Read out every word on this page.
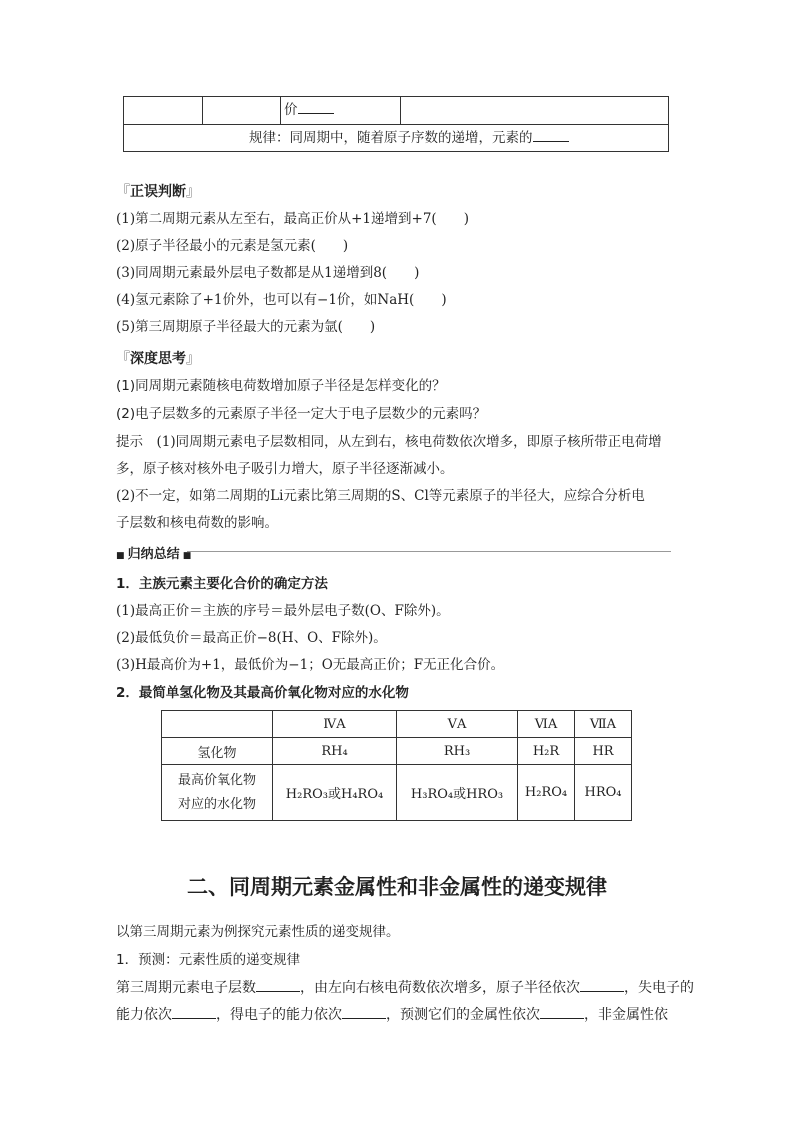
价
规律：同周期中，随着原子序数的递增，元素的
『正误判断』
(1)第二周期元素从左至右，最高正价从+1递增到+7(　　)
(2)原子半径最小的元素是氢元素(　　)
(3)同周期元素最外层电子数都是从1递增到8(　　)
(4)氢元素除了+1价外，也可以有−1价，如NaH(　　)
(5)第三周期原子半径最大的元素为氩(　　)
『深度思考』
(1)同周期元素随核电荷数增加原子半径是怎样变化的？
(2)电子层数多的元素原子半径一定大于电子层数少的元素吗？
提示　 (1)同周期元素电子层数相同，从左到右，核电荷数依次增多，即原子核所带正电荷增
多，原子核对核外电子吸引力增大，原子半径逐渐减小。
(2)不一定，如第二周期的Li元素比第三周期的S、Cl等元素原子的半径大，应综合分析电
子层数和核电荷数的影响。
■ 归纳总结 ■
1．主族元素主要化合价的确定方法
(1)最高正价＝主族的序号＝最外层电子数(O、F除外)。
(2)最低负价＝最高正价−8(H、O、F除外)。
(3)H最高价为+1，最低价为−1；O无最高正价；F无正化合价。
2．最简单氢化物及其最高价氧化物对应的水化物
	ⅣA	ⅤA	ⅥA	ⅦA
氢化物	RH₄	RH₃	H₂R	HR

最高价氧化物
对应的水化物	H₂RO₃或H₄RO₄	H₃RO₄或HRO₃	H₂RO₄	HRO₄
二、同周期元素金属性和非金属性的递变规律
以第三周期元素为例探究元素性质的递变规律。
1．预测：元素性质的递变规律
第三周期元素电子层数	，由左向右核电荷数依次增多，原子半径依次	，失电子的
能力依次	，得电子的能力依次	，预测它们的金属性依次	，非金属性依
